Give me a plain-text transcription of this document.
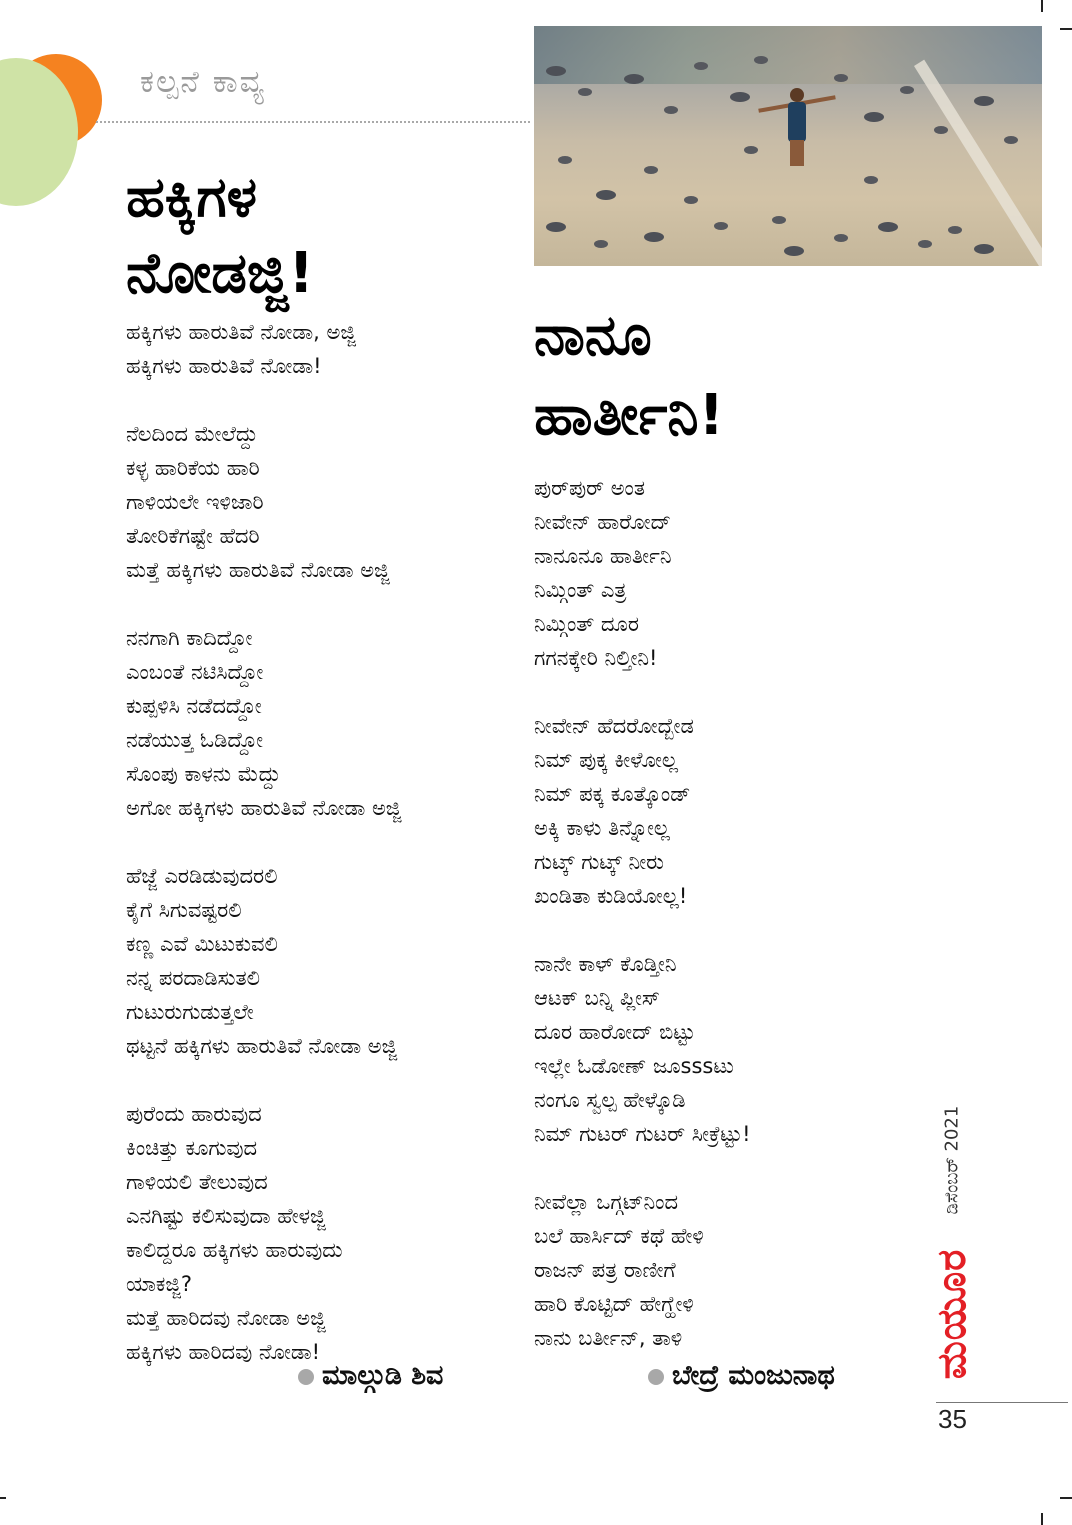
ಕಲ್ಪನೆ ಕಾವ್ಯ
ಹಕ್ಕಿಗಳ
ನೋಡಜ್ಜಿ!
ಹಕ್ಕಿಗಳು ಹಾರುತಿವೆ ನೋಡಾ, ಅಜ್ಜಿ
ಹಕ್ಕಿಗಳು ಹಾರುತಿವೆ ನೋಡಾ!
ನೆಲದಿಂದ ಮೇಲೆದ್ದು
ಕಳ್ಳ ಹಾರಿಕೆಯ ಹಾರಿ
ಗಾಳಿಯಲೇ ಇಳಿಜಾರಿ
ತೋರಿಕೆಗಷ್ಟೇ ಹೆದರಿ
ಮತ್ತೆ ಹಕ್ಕಿಗಳು ಹಾರುತಿವೆ ನೋಡಾ ಅಜ್ಜಿ
ನನಗಾಗಿ ಕಾದಿದ್ದೋ
ಎಂಬಂತೆ ನಟಿಸಿದ್ದೋ
ಕುಪ್ಪಳಿಸಿ ನಡೆದದ್ದೋ
ನಡೆಯುತ್ತ ಓಡಿದ್ದೋ
ಸೊಂಪು ಕಾಳನು ಮೆದ್ದು
ಅಗೋ ಹಕ್ಕಿಗಳು ಹಾರುತಿವೆ ನೋಡಾ ಅಜ್ಜಿ
ಹೆಜ್ಜೆ ಎರಡಿಡುವುದರಲಿ
ಕೈಗೆ ಸಿಗುವಷ್ಟರಲಿ
ಕಣ್ಣ ಎವೆ ಮಿಟುಕುವಲಿ
ನನ್ನ ಪರದಾಡಿಸುತಲಿ
ಗುಟುರುಗುಡುತ್ತಲೇ
ಥಟ್ಟನೆ ಹಕ್ಕಿಗಳು ಹಾರುತಿವೆ ನೋಡಾ ಅಜ್ಜಿ
ಪುರೆಂದು ಹಾರುವುದ
ಕಿಂಚಿತ್ತು ಕೂಗುವುದ
ಗಾಳಿಯಲಿ ತೇಲುವುದ
ಎನಗಿಷ್ಟು ಕಲಿಸುವುದಾ ಹೇಳಜ್ಜಿ
ಕಾಲಿದ್ದರೂ ಹಕ್ಕಿಗಳು ಹಾರುವುದು
ಯಾಕಜ್ಜಿ?
ಮತ್ತೆ ಹಾರಿದವು ನೋಡಾ ಅಜ್ಜಿ
ಹಕ್ಕಿಗಳು ಹಾರಿದವು ನೋಡಾ!
ಮಾಲ್ಗುಡಿ ಶಿವ
ನಾನೂ
ಹಾರ್ತೀನಿ!
ಪುರ್‌ಪುರ್ ಅಂತ
ನೀವೇನ್ ಹಾರೋದ್
ನಾನೂನೂ ಹಾರ್ತೀನಿ
ನಿಮ್ಗಿಂತ್ ಎತ್ರ
ನಿಮ್ಗಿಂತ್ ದೂರ
ಗಗನಕ್ಕೇರಿ ನಿಲ್ತೀನಿ!
ನೀವೇನ್ ಹೆದರೋದ್ಬೇಡ
ನಿಮ್ ಪುಕ್ಕ ಕೀಳೋಲ್ಲ
ನಿಮ್ ಪಕ್ಕ ಕೂತ್ಕೊಂಡ್
ಅಕ್ಕಿ ಕಾಳು ತಿನ್ನೋಲ್ಲ
ಗುಟ್ಕ್ ಗುಟ್ಕ್ ನೀರು
ಖಂಡಿತಾ ಕುಡಿಯೋಲ್ಲ!
ನಾನೇ ಕಾಳ್ ಕೊಡ್ತೀನಿ
ಆಟಕ್ ಬನ್ನಿ ಪ್ಲೀಸ್
ದೂರ ಹಾರೋದ್ ಬಿಟ್ಟು
ಇಲ್ಲೇ ಓಡೋಣ್ ಜೂsssಟು
ನಂಗೂ ಸ್ವಲ್ಪ ಹೇಳ್ಕೊಡಿ
ನಿಮ್ ಗುಟರ್ ಗುಟರ್ ಸೀಕ್ರೆಟ್ಟು!
ನೀವೆಲ್ಲಾ ಒಗ್ಗಟ್‌ನಿಂದ
ಬಲೆ ಹಾರ್ಸಿದ್ ಕಥೆ ಹೇಳಿ
ರಾಜನ್ ಪತ್ರ ರಾಣೀಗೆ
ಹಾರಿ ಕೊಟ್ಟಿದ್ ಹೇಗ್ಹೇಳಿ
ನಾನು ಬರ್ತೀನ್, ತಾಳಿ
ಬೇದ್ರೆ ಮಂಜುನಾಥ
ಡಿಸೆಂಬರ್ 2021
ಮಯೂರ
35
